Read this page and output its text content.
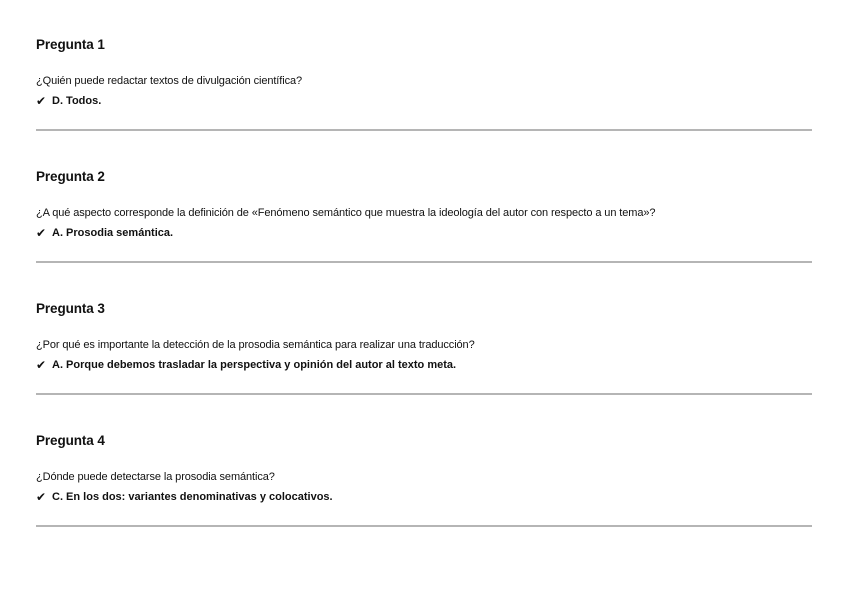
Pregunta 1
¿Quién puede redactar textos de divulgación científica?
✔ D. Todos.
Pregunta 2
¿A qué aspecto corresponde la definición de «Fenómeno semántico que muestra la ideología del autor con respecto a un tema»?
✔ A. Prosodia semántica.
Pregunta 3
¿Por qué es importante la detección de la prosodia semántica para realizar una traducción?
✔ A. Porque debemos trasladar la perspectiva y opinión del autor al texto meta.
Pregunta 4
¿Dónde puede detectarse la prosodia semántica?
✔ C. En los dos: variantes denominativas y colocativos.
